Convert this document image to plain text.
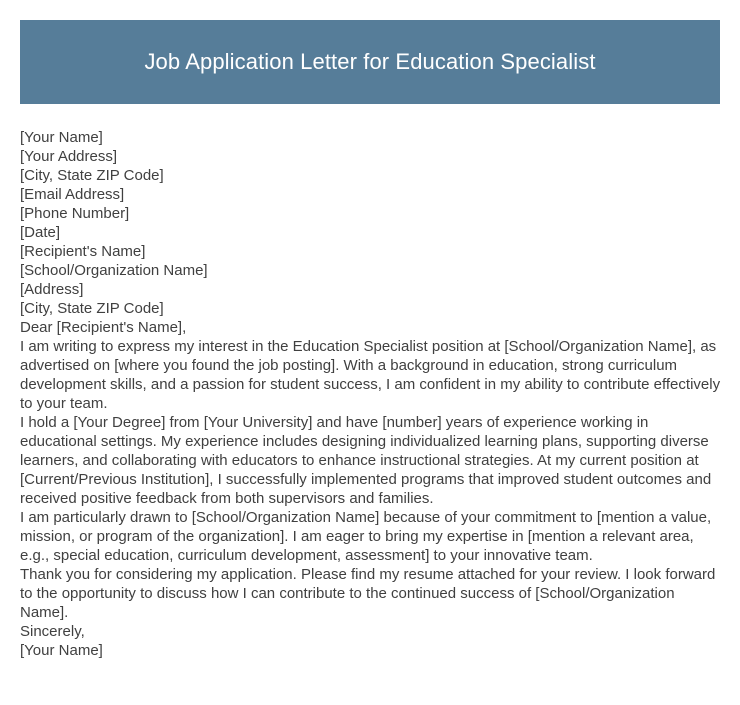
Job Application Letter for Education Specialist
[Your Name]
[Your Address]
[City, State ZIP Code]
[Email Address]
[Phone Number]
[Date]
[Recipient's Name]
[School/Organization Name]
[Address]
[City, State ZIP Code]
Dear [Recipient's Name],
I am writing to express my interest in the Education Specialist position at [School/Organization Name], as advertised on [where you found the job posting]. With a background in education, strong curriculum development skills, and a passion for student success, I am confident in my ability to contribute effectively to your team.
I hold a [Your Degree] from [Your University] and have [number] years of experience working in educational settings. My experience includes designing individualized learning plans, supporting diverse learners, and collaborating with educators to enhance instructional strategies. At my current position at [Current/Previous Institution], I successfully implemented programs that improved student outcomes and received positive feedback from both supervisors and families.
I am particularly drawn to [School/Organization Name] because of your commitment to [mention a value, mission, or program of the organization]. I am eager to bring my expertise in [mention a relevant area, e.g., special education, curriculum development, assessment] to your innovative team.
Thank you for considering my application. Please find my resume attached for your review. I look forward to the opportunity to discuss how I can contribute to the continued success of [School/Organization Name].
Sincerely,
[Your Name]
